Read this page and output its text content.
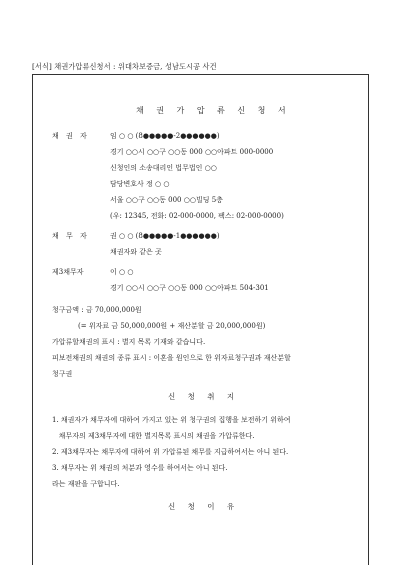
[서식] 채권가압류신청서 : 위대차보증금, 성남도시공 사건
채 권 가 압 류 신 청 서
채 권 자	임 ○ ○ (8●●●●●-2●●●●●●)
경기 ○○시 ○○구 ○○동 000 ○○아파트 000-0000
신청인의 소송대리인 법무법인 ○○
담당변호사 정 ○ ○
서울 ○○구 ○○동 000 ○○빌딩 5층
(우: 12345, 전화: 02-000-0000, 팩스: 02-000-0000)
채 무 자	권 ○ ○ (8●●●●●-1●●●●●●)
채권자와 같은 곳
제3채무자	이 ○ ○
경기 ○○시 ○○구 ○○동 000 ○○아파트 504-301
청구금액 : 금 70,000,000원
(= 위자료 금 50,000,000원 + 재산분할 금 20,000,000원)
가압류할채권의 표시 : 별지 목록 기재와 같습니다.
피보전채권의 채권의 종류 표시 : 이혼을 원인으로 한 위자료청구권과 재산분할
청구권
신 청 취 지
1. 채권자가 채무자에 대하여 가지고 있는 위 청구권의 집행을 보전하기 위하여
채무자의 제3채무자에 대한 별지목록 표시의 채권을 가압류한다.
2. 제3채무자는 채무자에 대하여 위 가압류된 채무를 지급하여서는 아니 된다.
3. 채무자는 위 채권의 처분과 영수를 하여서는 아니 된다.
라는 재판을 구합니다.
신 청 이 유
